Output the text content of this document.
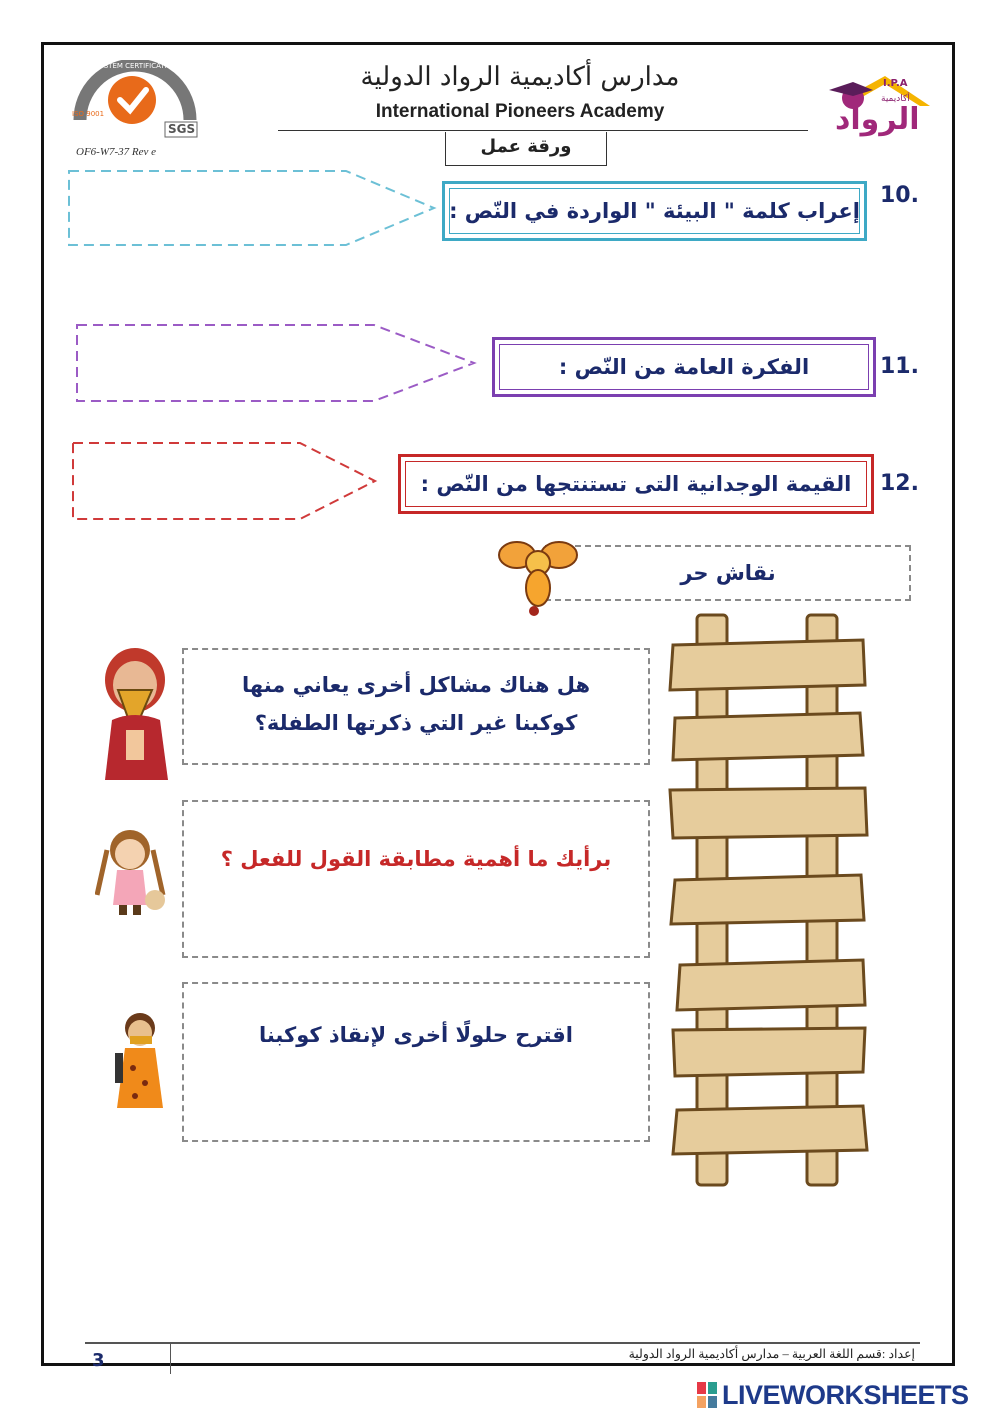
SYSTEM CERTIFICATION
ISO 9001
SGS
OF6-W7-37 Rev e
مدارس أكاديمية الرواد الدولية
International Pioneers Academy
ورقة عمل
I.P.A
أكاديمية
الرواد
إعراب كلمة " البيئة " الواردة في النّص :
.10
الفكرة العامة من النّص :	.11
القيمة الوجدانية التى تستنتجها من النّص : .12
نقاش حر
هل هناك مشاكل أخرى يعاني منها كوكبنا غير التي ذكرتها الطفلة؟
برأيك ما أهمية مطابقة القول للفعل ؟
اقترح حلولًا أخرى لإنقاذ كوكبنا
إعداد :قسم اللغة العربية – مدارس أكاديمية الرواد الدولية
3
LIVEWORKSHEETS
